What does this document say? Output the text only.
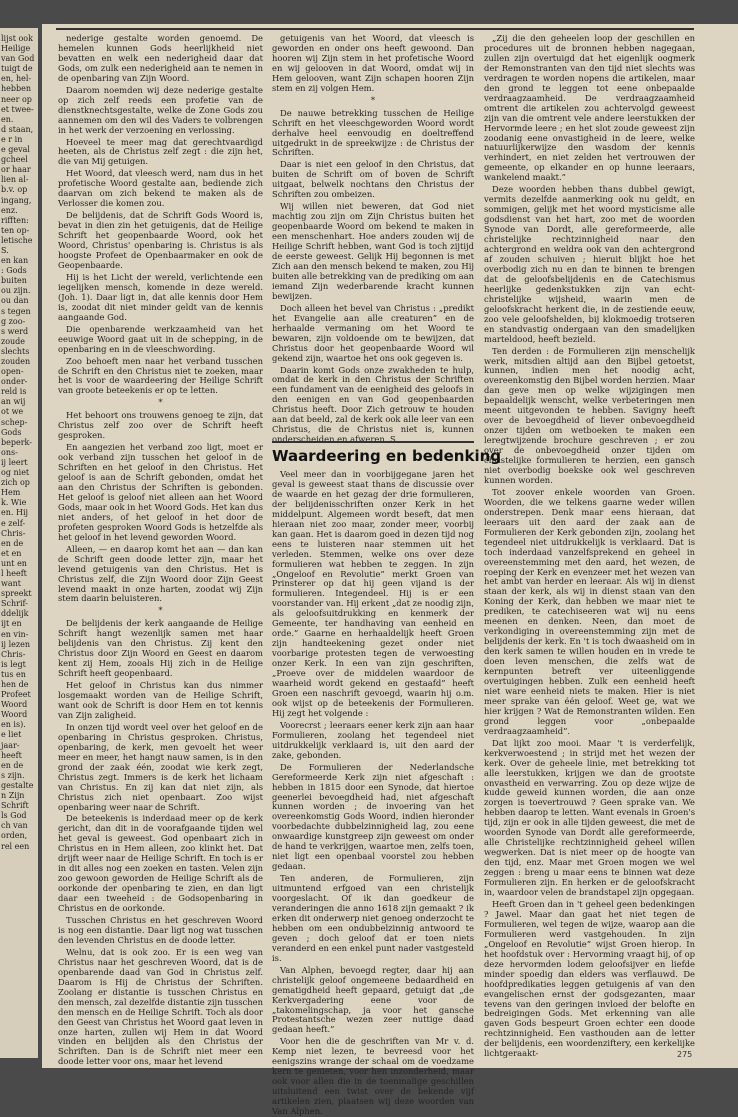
lijst ook
Heilige
van God
tuigt de
en, hel-
hebben
neer op
et twee-
en.
d staan,
e r in
e geval
gcheel
or haar
lien al-
b.v. op
ingang,
enz.
rifften:
ten op-
letische
S.
en kan
: Gods
buiten
ou zijn.
ou dan
s tegen
g zoo-
s werd
zoude
slechts
zouden
open-
onder-
reld is
an wij
ot we
schep-
Gods
beperk-
ons-
ij leert
og niet
zich op
Hem
k. Wie
en. Hij
e zelf-
Chris-
en de
et en
unt en
l heeft
want
spreekt
Schrif-
ddelijk
ijt en
en vin-
ij lezen
Chris-
is legt
tus en
hen de
Profeet
Woord
Woord
en is).
e liet
jaar-
heeft
en de
s zijn.
gestalte
n Zijn
Schrift
ls God
ch van
orden,
rel een

nederige gestalte worden genoemd. De hemelen kunnen Gods heerlijkheid niet bevatten en welk een nederigheid daar dat Gods, om zulk een nederigheid aan te nemen in de openbaring van Zijn Woord.

Daarom noemden wij deze nederige gestalte op zich zelf reeds een profetie van de dienstknechtsgestalte, welke de Zone Gods zou aannemen om den wil des Vaders te volbrengen in het werk der verzoening en verlossing.

Hoeveel te meer mag dat gerechtvaardigd heeten, als de Christus zelf zegt : die zijn het, die van Mij getuigen.

Het Woord, dat vleesch werd, nam dus in het profetische Woord gestalte aan, bediende zich daarvan om zich bekend te maken als de Verlosser die komen zou.

De belijdenis, dat de Schrift Gods Woord is, bevat in dien zin het getuigenis, dat de Heilige Schrift het geopenbaarde Woord, ook het Woord, Christus' openbaring is. Christus is als hoogste Profeet de Openbaarmaker en ook de Geopenbaarde.

Hij is het Licht der wereld, verlichtende een iegelijken mensch, komende in deze wereld. (Joh. 1). Daar ligt in, dat alle kennis door Hem is, zoodat dit niet minder geldt van de kennis aangaande God.

Die openbarende werkzaamheid van het eeuwige Woord gaat uit in de schepping, in de openbaring en in de vleeschwording.

Zoo behoeft men naar het verband tusschen de Schrift en den Christus niet te zoeken, maar het is voor de waardeering der Heilige Schrift van groote beteekenis er op te letten.

*

Het behoort ons trouwens genoeg te zijn, dat Christus zelf zoo over de Schrift heeft gesproken.

En aangezien het verband zoo ligt, moet er ook verband zijn tusschen het geloof in de Schriften en het geloof in den Christus. Het geloof is aan de Schrift gebonden, omdat het aan den Christus der Schriften is gebonden. Het geloof is geloof niet alleen aan het Woord Gods, maar ook in het Woord Gods. Het kan dus niet anders, of het geloof in het door de profeten gesproken Woord Gods is hetzelfde als het geloof in het levend geworden Woord.

Alleen, — en daarop komt het aan — dan kan de Schrift geen doode letter zijn, maar het levend getuigenis van den Christus. Het is Christus zelf, die Zijn Woord door Zijn Geest levend maakt in onze harten, zoodat wij Zijn stem daarin beluisteren.

*

De belijdenis der kerk aangaande de Heilige Schrift hangt wezenlijk samen met haar belijdenis van den Christus. Zij kent den Christus door Zijn Woord en Geest en daarom kent zij Hem, zooals Hij zich in de Heilige Schrift heeft geopenbaard.

Het geloof in Christus kan dus nimmer losgemaakt worden van de Heilige Schrift, want ook de Schrift is door Hem en tot kennis van Zijn zaligheid.

In onzen tijd wordt veel over het geloof en de openbaring in Christus gesproken. Christus, openbaring, de kerk, men gevoelt het weer meer en meer, het hangt nauw samen, is in den grond der zaak één, zoodat wie kerk zegt, Christus zegt. Immers is de kerk het lichaam van Christus. En zij kan dat niet zijn, als Christus zich niet openbaart. Zoo wijst openbaring weer naar de Schrift.

De beteekenis is inderdaad meer op de kerk gericht, dan dit in de voorafgaande tijden wel het geval is geweest. God openbaart zich in Christus en in Hem alleen, zoo klinkt het. Dat drijft weer naar de Heilige Schrift. En toch is er in dit alles nog een zoeken en tasten. Velen zijn zoo gewoon geworden de Heilige Schrift als de oorkonde der openbaring te zien, en dan ligt daar een tweeheid : de Godsopenbaring in Christus en de oorkonde.

Tusschen Christus en het geschreven Woord is nog een distantie. Daar ligt nog wat tusschen den levenden Christus en de doode letter.

Welnu, dat is ook zoo. Er is een weg van Christus naar het geschreven Woord, dat is de openbarende daad van God in Christus zelf. Daarom is Hij de Christus der Schriften. Zoolang er distantie is tusschen Christus en den mensch, zal dezelfde distantie zijn tusschen den mensch en de Heilige Schrift. Toch als door den Geest van Christus het Woord gaat leven in onze harten, zullen wij Hem in dat Woord vinden en belijden als den Christus der Schriften. Dan is de Schrift niet meer een doode letter voor ons, maar het levend

getuigenis van het Woord, dat vleesch is geworden en onder ons heeft gewoond. Dan hooren wij Zijn stem in het profetische Woord en wij gelooven in dat Woord, omdat wij in Hem gelooven, want Zijn schapen hooren Zijn stem en zij volgen Hem.

*

De nauwe betrekking tusschen de Heilige Schrift en het vleeschgeworden Woord wordt derhalve heel eenvoudig en doeltreffend uitgedrukt in de spreekwijze : de Christus der Schriften.

Daar is niet een geloof in den Christus, dat buiten de Schrift om of boven de Schrift uitgaat, belwelk nochtans den Christus der Schriften zou ombeizen.

Wij willen niet beweren, dat God niet machtig zou zijn om Zijn Christus buiten het geopenbaarde Woord om bekend te maken in een menschenhart. Hoe anders zouden wij de Heilige Schrift hebben, want God is toch zijtijd de eerste geweest. Gelijk Hij begonnen is met Zich aan den mensch bekend te maken, zou Hij buiten alle betrekking van de prediking om aan iemand Zijn wederbarende kracht kunnen bewijzen.

Doch alleen het bevel van Christus : „predikt het Evangelie aan alle creaturen” en de herhaalde vermaning om het Woord te bewaren, zijn voldoende om te bewijzen, dat Christus door het geopenbaarde Woord wil gekend zijn, waartoe het ons ook gegeven is.

Daarin komt Gods onze zwakheden te hulp, omdat de kerk in den Christus der Schriften een fundament van de eenigheid des geloofs in den eenigen en van God geopenbaarden Christus heeft. Door Zich getrouw te houden aan dat beeld, zal de kerk ook alle leer van een Christus, die de Christus niet is, kunnen onderscheiden en afweren. S.

Waardeering en bedenking

Veel meer dan in voorbijgegane jaren het geval is geweest staat thans de discussie over de waarde en het gezag der drie formulieren, der belijdenisschriften onzer Kerk in het middelpunt. Algemeen wordt beseft, dat men hieraan niet zoo maar, zonder meer, voorbij kan gaan. Het is daarom goed in dezen tijd nog eens te luisteren naar stemmen uit het verleden. Stemmen, welke ons over deze formulieren wat hebben te zeggen. In zijn „Ongeloof en Revolutie” merkt Groen van Prinsterer op dat hij geen vijand is der formulieren. Integendeel. Hij is er een voorstander van. Hij erkent „dat ze noodig zijn, als geloofsuitdrukking en kenmerk der Gemeente, ter handhaving van eenheid en orde.” Gaarne en herhaaldelijk heeft Groen zijn handteekening gezet onder niet voorbarige protesten tegen de verwoesting onzer Kerk. In een van zijn geschriften, „Proeve over de middelen waardoor de waarheid wordt gekend en gestaafd” heeft Groen een naschrift gevoegd, waarin hij o.m. ook wijst op de beteekenis der Formulieren. Hij zegt het volgende :

Voorecrst ; leeraars eener kerk zijn aan haar Formulieren, zoolang het tegendeel niet uitdrukkelijk verklaard is, uit den aard der zake, gebonden.

De Formulieren der Nederlandsche Gereformeerde Kerk zijn niet afgeschaft : hebben in 1815 door een Synode, dat hiertoe geenerlei bevoegdheid had, niet afgeschaft kunnen worden ; de invoering van het overeenkomstig Gods Woord, indien hieronder voorbedachte dubbelzinnigheid lag, zou eene onwaardige kunstgreep zijn geweest om onder de hand te verkrijgen, waartoe men, zelfs toen, niet ligt een openbaal voorstel zou hebben gedaan.

Ten anderen, de Formulieren, zijn uitmuntend erfgoed van een christelijk voorgeslacht. Of ik dan goedkeur de veranderingen die anno 1618 zijn gemaakt ? ik erken dit onderwerp niet genoeg onderzocht te hebben om een ondubbelzinnig antwoord te geven ; doch geloof dat er toen niets veranderd en een enkel punt nader vastgesteld is.

Van Alphen, bevoegd regter, daar hij aan christelijk geloof ongemeene bedaardheid en gematigdheid heeft gepaard, getuigt dat „de Kerkvergadering eene voor de „takomelingschap, ja voor het gansche Protestantsche wezen zeer nuttige daad gedaan heeft.”

Voor hen die de geschriften van Mr v. d. Kemp niet lezen, te bevreesd voor het eenigszins wrange der schaal om de voedzame kern te genieten, voor hen inzonderheid, maar ook voor allen die in de toenmalige geschillen uitsluitend een twist over de bekende vijf artikelen zien, plaatsen wij deze woorden van Van Alphen.

„Zij die den geheelen loop der geschillen en procedures uit de bronnen hebben nagegaan, zullen zijn overtuigd dat het eigenlijk oogmerk der Remonstranten van den tijd niet slechts was verdragen te worden nopens die artikelen, maar den grond te leggen tot eene onbepaalde verdraagzaamheid. De verdraagzaamheid omtrent die artikelen zou achtervolgd geweest zijn van die omtrent vele andere leerstukken der Hervormde leere ; en het slot zoude geweest zijn zoodanig eene onvastigheid in de leere, welke natuurlijkerwijze den wasdom der kennis verhindert, en niet zelden het vertrouwen der gemeente, op elkander en op hunne leeraars, wankelend maakt.”

Deze woorden hebben thans dubbel gewigt, vermits dezelfde aanmerking ook nu geldt, en sommigen, gelijk met het woord mysticisme alle godsdienst van het hart, zoo met de woorden Synode van Dordt, alle gereformeerde, alle christelijke rechtzinnigheid naar den achtergrond en weldra ook van den achtergrond af zouden schuiven ; hieruit blijkt hoe het overbodig zich nu en dan te binnen te brengen dat de geloofsbelijdenis en de Catechismus heerlijke gedenkstukken zijn van echt-christelijke wijsheid, waarin men de geloofskracht herkent die, in de zestiende eeuw, zoo vele geloofshelden, bij klokmoedig trotseren en standvastig ondergaan van den smadelijken marteldood, heeft bezield.

Ten derden : de Formulieren zijn menschelijk werk, mitsdien altijd aan den Bijbel getoetst, kunnen, indien men het noodig acht, overeenkomstig den Bijbel worden herzien. Maar dan geve men op welke wijzigingen men bepaaldelijk wenscht, welke verbeteringen men meent uitgevonden te hebben. Savigny heeft over de bevoegdheid of liever onbevoegdheid onzer tijden om wetboeken te maken een leregtwijzende brochure geschreven ; er zou over de onbevoegdheid onzer tijden om christelijke formulieren te herzien, een gansch niet overbodig boekske ook wel geschreven kunnen worden.

Tot zoover enkele woorden van Groen. Woorden, die we telkens gaarne weder willen onderstrepen. Denk maar eens hieraan, dat leeraars uit den aard der zaak aan de Formulieren der Kerk gebonden zijn, zoolang het tegendeel niet uitdrukkelijk is verklaard. Dat is toch inderdaad vanzelfsprekend en geheel in overeenstemming met den aard, het wezen, de roeping der Kerk en evenzeer met het wezen van het ambt van herder en leeraar. Als wij in dienst staan der kerk, als wij in dienst staan van den Koning der Kerk, dan hebben we maar niet te prediken, te catechiseeren wat wij nu eens meenen en denken. Neen, dan moet de verkondiging in overeenstemming zijn met de belijdenis der kerk. En 't is toch dwaasheid om in den kerk samen te willen houden en in vrede te doen leven menschen, die zelfs wat de kernpunten betreft ver uiteenliggende overtuigingen hebben. Zulk een eenheid heeft niet ware eenheid niets te maken. Hier is niet meer sprake van één geloof. Weet ge, wat we hier krijgen ? Wat de Remonstranten wilden. Een grond leggen voor „onbepaalde verdraagzaamheid”.

Dat lijkt zoo mooi. Maar 't is verderfelijk, kerkverwoestend ; in strijd met het wezen der kerk. Over de geheele linie, met betrekking tot alle leerstukken, krijgen we dan de grootste onvastheid en verwarring. Zou op deze wijze de kudde geweid kunnen worden, die aan onze zorgen is toevertrouwd ? Geen sprake van. We hebben daarop te letten. Want evenals in Groen's tijd, zijn er ook in alle tijden geweest, die met de woorden Synode van Dordt alle gereformeerde, alle Christelijke rechtzinnigheid geheel willen wegwerken. Dat is niet meer op de hoogte van den tijd, enz. Maar met Groen mogen we wel zeggen : breng u maar eens te binnen wat deze Formulieren zijn. En herken er de geloofskracht in, waardoor velen de brandstapel zijn opgegaan.

Heeft Groen dan in 't geheel geen bedenkingen ? Jawel. Maar dan gaat het niet tegen de Formulieren, wel tegen de wijze, waarop aan die Formulieren werd vastgehouden. In zijn „Ongeloof en Revolutie” wijst Groen hierop. In het hoofdstuk over : Hervorming vraagt hij, of op deze hervormden lodem geloofsijver en liefde minder spoedig dan elders was verflauwd. De hoofdpredikaties leggen getuigenis af van den evangelischen ernst der godsgezanten, maar tevens van den geringen invloed der belofte en bedreigingen Gods. Met erkenning van alle gaven Gods bespeurt Groen echter een doode rechtzinnigheid. Een vasthouden aan de letter der belijdenis, een woordenziftery, een kerkelijke lichtgeraakt-	275
